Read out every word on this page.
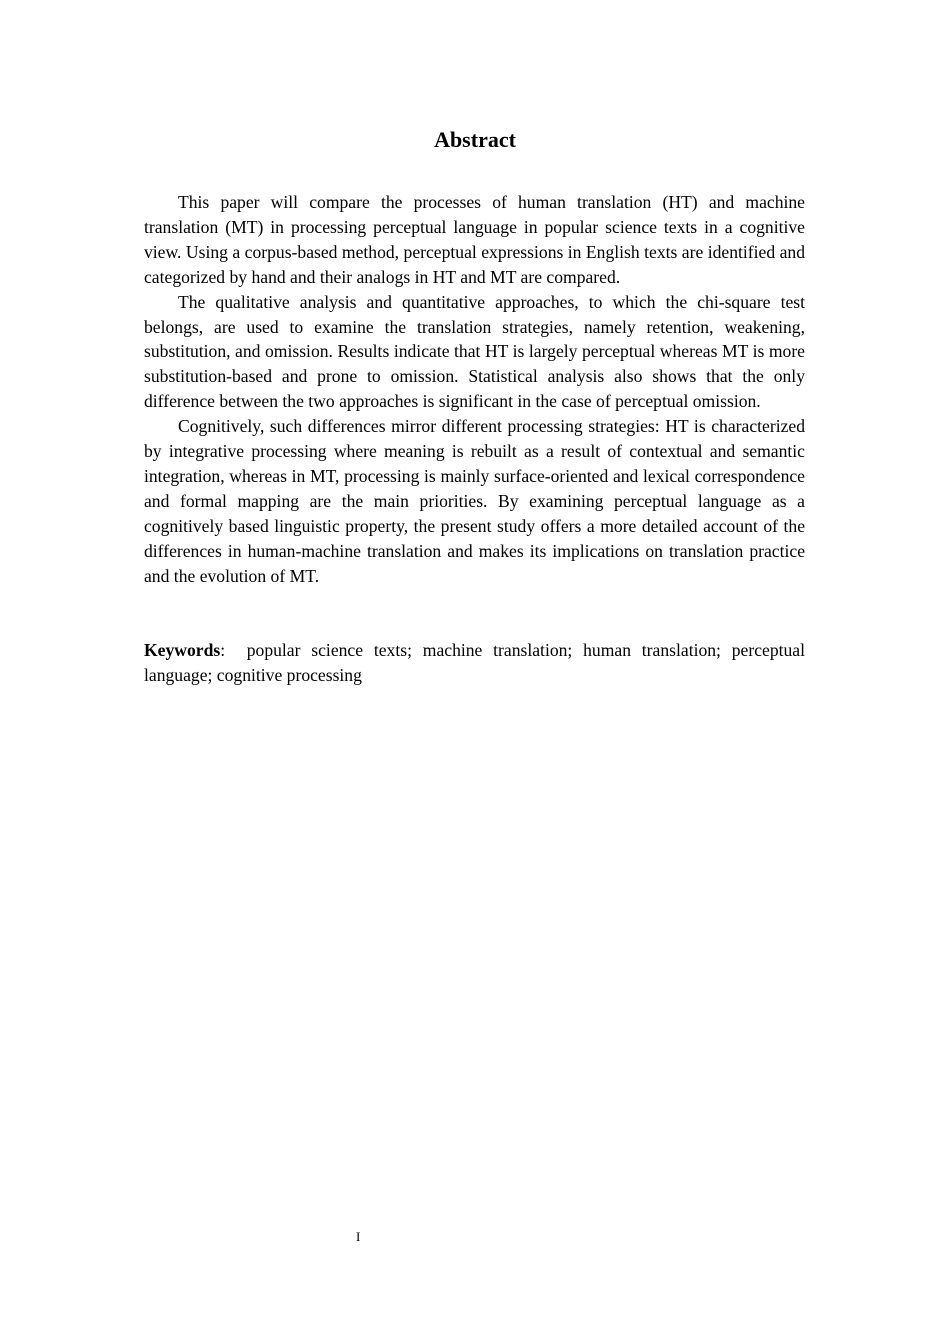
Abstract

This paper will compare the processes of human translation (HT) and machine translation (MT) in processing perceptual language in popular science texts in a cognitive view. Using a corpus-based method, perceptual expressions in English texts are identified and categorized by hand and their analogs in HT and MT are compared.

The qualitative analysis and quantitative approaches, to which the chi-square test belongs, are used to examine the translation strategies, namely retention, weakening, substitution, and omission. Results indicate that HT is largely perceptual whereas MT is more substitution-based and prone to omission. Statistical analysis also shows that the only difference between the two approaches is significant in the case of perceptual omission.

Cognitively, such differences mirror different processing strategies: HT is characterized by integrative processing where meaning is rebuilt as a result of contextual and semantic integration, whereas in MT, processing is mainly surface-oriented and lexical correspondence and formal mapping are the main priorities. By examining perceptual language as a cognitively based linguistic property, the present study offers a more detailed account of the differences in human-machine translation and makes its implications on translation practice and the evolution of MT.

Keywords: popular science texts; machine translation; human translation; perceptual language; cognitive processing

I
